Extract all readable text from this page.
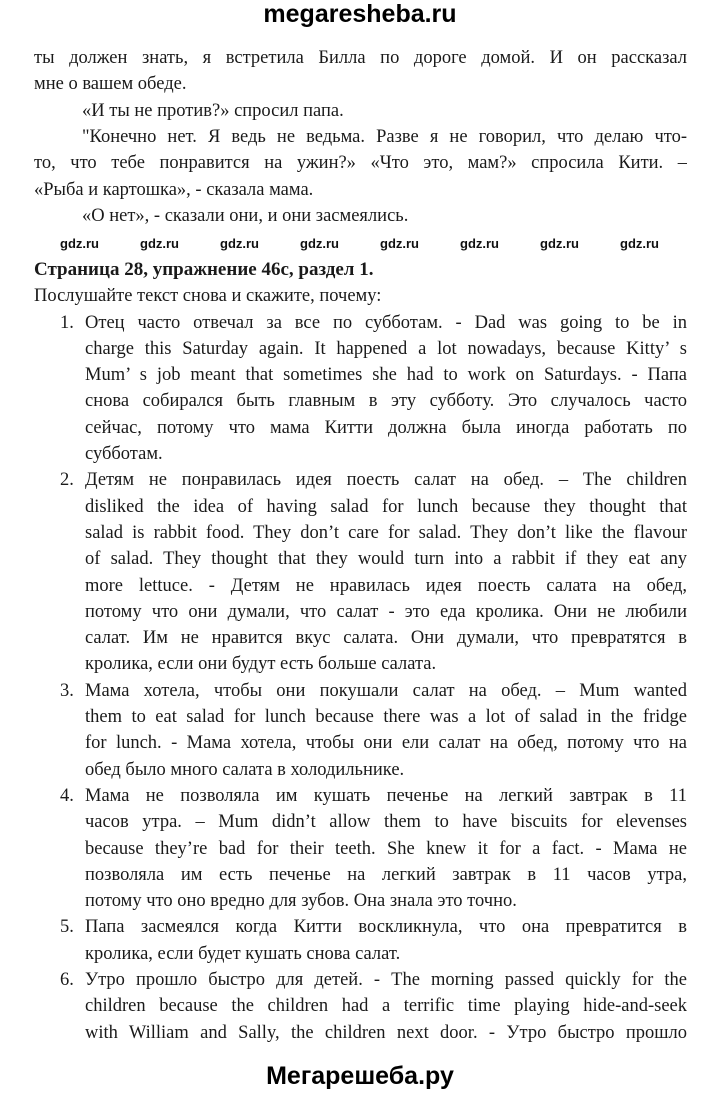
megaresheba.ru
ты должен знать, я встретила Билла по дороге домой. И он рассказал
мне о вашем обеде.
«И ты не против?» спросил папа.
"Конечно нет. Я ведь не ведьма. Разве я не говорил, что делаю что-
то, что тебе понравится на ужин?» «Что это, мам?» спросила Кити. –
«Рыба и картошка», - сказала мама.
«О нет», - сказали они, и они засмеялись.
Страница 28, упражнение 46с, раздел 1.
Послушайте текст снова и скажите, почему:
1. Отец часто отвечал за все по субботам. - Dad was going to be in
charge this Saturday again. It happened a lot nowadays, because Kitty’ s
Mum’ s job meant that sometimes she had to work on Saturdays. - Папа
снова собирался быть главным в эту субботу. Это случалось часто
сейчас, потому что мама Китти должна была иногда работать по
субботам.
2. Детям не понравилась идея поесть салат на обед. – The children
disliked the idea of having salad for lunch because they thought that
salad is rabbit food. They don’t care for salad. They don’t like the flavour
of salad. They thought that they would turn into a rabbit if they eat any
more lettuce. - Детям не нравилась идея поесть салата на обед,
потому что они думали, что салат - это еда кролика. Они не любили
салат. Им не нравится вкус салата. Они думали, что превратятся в
кролика, если они будут есть больше салата.
3. Мама хотела, чтобы они покушали салат на обед. – Mum wanted
them to eat salad for lunch because there was a lot of salad in the fridge
for lunch. - Мама хотела, чтобы они ели салат на обед, потому что на
обед было много салата в холодильнике.
4. Мама не позволяла им кушать печенье на легкий завтрак в 11
часов утра. – Mum didn’t allow them to have biscuits for elevenses
because they’re bad for their teeth. She knew it for a fact. - Мама не
позволяла им есть печенье на легкий завтрак в 11 часов утра,
потому что оно вредно для зубов. Она знала это точно.
5. Папа засмеялся когда Китти воскликнула, что она превратится в
кролика, если будет кушать снова салат.
6. Утро прошло быстро для детей. - The morning passed quickly for the
children because the children had a terrific time playing hide-and-seek
with William and Sally, the children next door. - Утро быстро прошло
gdz.ru	gdz.ru	gdz.ru	gdz.ru	gdz.ru	gdz.ru	gdz.ru	gdz.ru
Мегарешеба.ру
